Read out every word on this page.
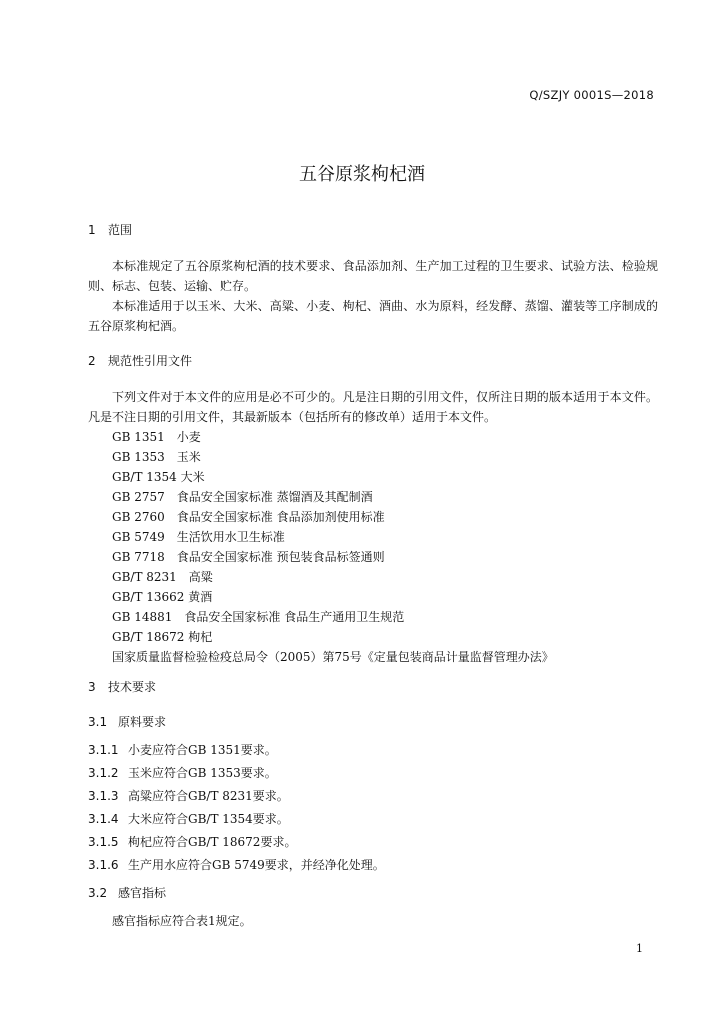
Q/SZJY 0001S—2018
五谷原浆枸杞酒
1 范围

本标准规定了五谷原浆枸杞酒的技术要求、食品添加剂、生产加工过程的卫生要求、试验方法、检验规则、标志、包装、运输、贮存。

本标准适用于以玉米、大米、高粱、小麦、枸杞、酒曲、水为原料，经发酵、蒸馏、灌装等工序制成的五谷原浆枸杞酒。

2 规范性引用文件

下列文件对于本文件的应用是必不可少的。凡是注日期的引用文件，仅所注日期的版本适用于本文件。凡是不注日期的引用文件，其最新版本（包括所有的修改单）适用于本文件。

GB 1351　小麦
GB 1353　玉米
GB/T 1354 大米
GB 2757　食品安全国家标准 蒸馏酒及其配制酒
GB 2760　食品安全国家标准 食品添加剂使用标准
GB 5749　生活饮用水卫生标准
GB 7718　食品安全国家标准 预包装食品标签通则
GB/T 8231　高粱
GB/T 13662 黄酒
GB 14881　食品安全国家标准 食品生产通用卫生规范
GB/T 18672 枸杞
国家质量监督检验检疫总局令（2005）第75号《定量包装商品计量监督管理办法》
3 技术要求
3.1 原料要求
3.1.1 小麦应符合GB 1351要求。
3.1.2 玉米应符合GB 1353要求。
3.1.3 高粱应符合GB/T 8231要求。
3.1.4 大米应符合GB/T 1354要求。
3.1.5 枸杞应符合GB/T 18672要求。
3.1.6 生产用水应符合GB 5749要求，并经净化处理。
3.2 感官指标
感官指标应符合表1规定。
1
